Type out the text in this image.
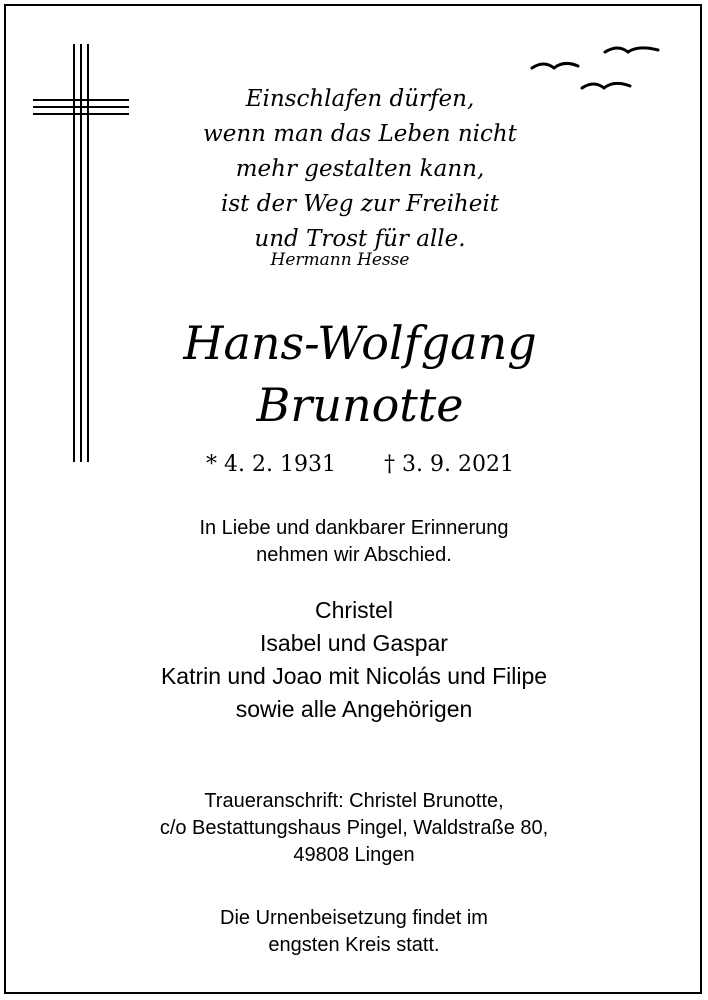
Einschlafen dürfen,
wenn man das Leben nicht
mehr gestalten kann,
ist der Weg zur Freiheit
und Trost für alle.
Hermann Hesse
Hans-Wolfgang
Brunotte
* 4. 2. 1931 † 3. 9. 2021
In Liebe und dankbarer Erinnerung
nehmen wir Abschied.
Christel
Isabel und Gaspar
Katrin und Joao mit Nicolás und Filipe
sowie alle Angehörigen
Traueranschrift: Christel Brunotte,
c/o Bestattungshaus Pingel, Waldstraße 80,
49808 Lingen
Die Urnenbeisetzung findet im
engsten Kreis statt.
